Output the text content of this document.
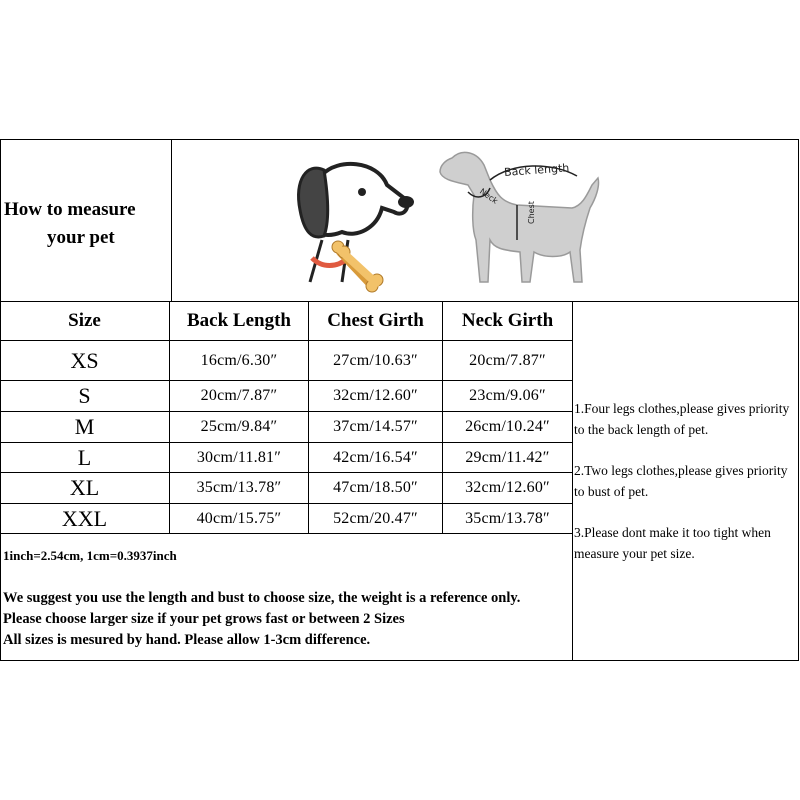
How to measure
your pet
Back length
Neck
Chest
Size	Back Length	Chest Girth	Neck Girth
XS	16cm/6.30″	27cm/10.63″	20cm/7.87″
S	20cm/7.87″	32cm/12.60″	23cm/9.06″
M	25cm/9.84″	37cm/14.57″	26cm/10.24″
L	30cm/11.81″	42cm/16.54″	29cm/11.42″
XL	35cm/13.78″	47cm/18.50″	32cm/12.60″
XXL	40cm/15.75″	52cm/20.47″	35cm/13.78″
1inch=2.54cm, 1cm=0.3937inch
We suggest you use the length and bust to choose size, the weight is a reference only.
Please choose larger size if your pet grows fast or between 2 Sizes
All sizes is mesured by hand. Please allow 1-3cm difference.

1.Four legs clothes,please gives priority to the back length of pet.

2.Two legs clothes,please gives priority to bust of pet.

3.Please dont make it too tight when measure your pet size.
